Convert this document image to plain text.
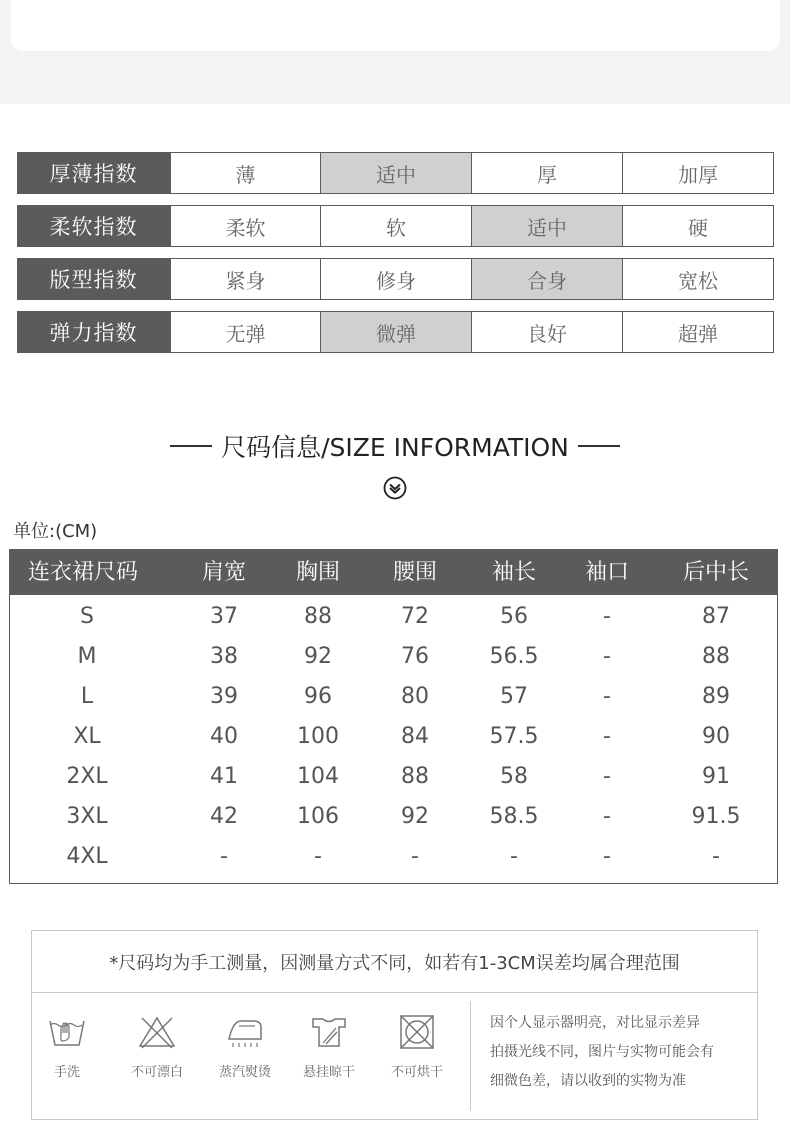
厚薄指数	薄	适中	厚	加厚
柔软指数	柔软	软	适中	硬
版型指数	紧身	修身	合身	宽松
弹力指数	无弹	微弹	良好	超弹
尺码信息/SIZE INFORMATION
单位:(CM)
连衣裙尺码	肩宽 胸围 腰围 袖长 袖口 后中长
S	37	88	72	56	-	87
M	38	92	76	56.5	-	88
L	39	96	80	57	-	89
XL	40	100	84	57.5	-	90
2XL	41	104	88	58	-	91
3XL	42	106	92	58.5	-	91.5
4XL	-	-	-	-	-	-
*尺码均为手工测量，因测量方式不同，如若有1-3CM误差均属合理范围
手洗	不可漂白	蒸汽熨烫	悬挂晾干	不可烘干
因个人显示器明亮，对比显示差异
拍摄光线不同，图片与实物可能会有
细微色差，请以收到的实物为准
